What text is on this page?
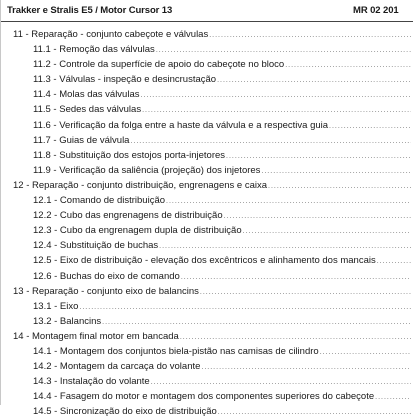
Trakker e Stralis E5 / Motor Cursor 13	MR 02 201
11 - Reparação - conjunto cabeçote e válvulas
.....
11.1 - Remoção das válvulas
.....
11.2 - Controle da superfície de apoio do cabeçote no bloco
.....
11.3 - Válvulas - inspeção e desincrustação
.....
11.4 - Molas das válvulas
.....
11.5 - Sedes das válvulas
.....
11.6 - Verificação da folga entre a haste da válvula e a respectiva guia
.....
11.7 - Guias de válvula
.....
11.8 - Substituição dos estojos porta-injetores
.....
11.9 - Verificação da saliência (projeção) dos injetores
.....
12 - Reparação - conjunto distribuição, engrenagens e caixa
.....
12.1 - Comando de distribuição
.....
12.2 - Cubo das engrenagens de distribuição
.....
12.3 - Cubo da engrenagem dupla de distribuição
.....
12.4 - Substituição de buchas
.....
12.5 - Eixo de distribuição - elevação dos excêntricos e alinhamento dos mancais
.....
12.6 - Buchas do eixo de comando
.....
13 - Reparação - conjunto eixo de balancins
.....
13.1 - Eixo
.....
13.2 - Balancins
.....
14 - Montagem final motor em bancada
.....
14.1 - Montagem dos conjuntos biela-pistão nas camisas de cilindro
.....
14.2 - Montagem da carcaça do volante
.....
14.3 - Instalação do volante
.....
14.4 - Fasagem do motor e montagem dos componentes superiores do cabeçote
.....
14.5 - Sincronização do eixo de distribuição
.....
